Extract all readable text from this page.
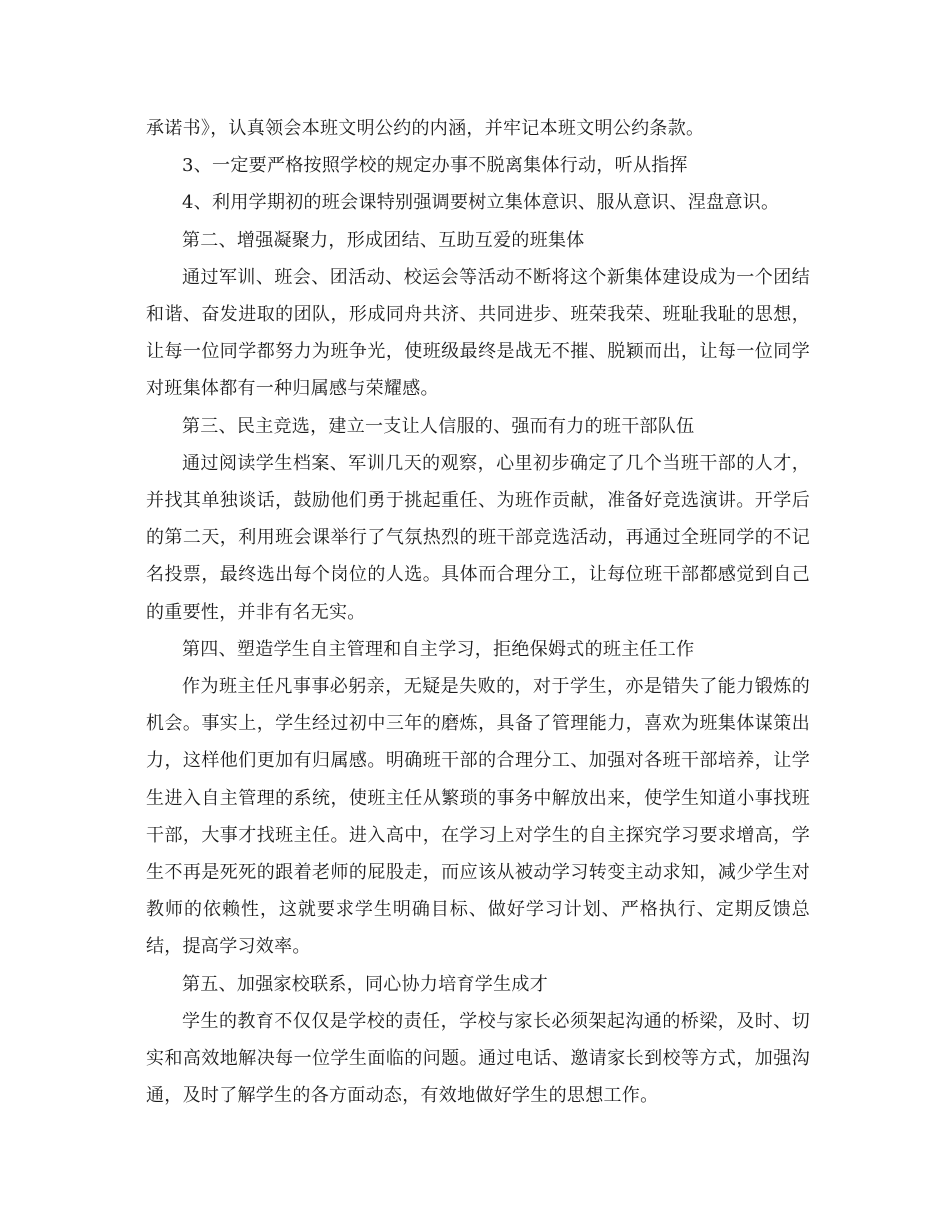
承诺书》，认真领会本班文明公约的内涵，并牢记本班文明公约条款。

3、一定要严格按照学校的规定办事不脱离集体行动，听从指挥

4、利用学期初的班会课特别强调要树立集体意识、服从意识、涅盘意识。

第二、增强凝聚力，形成团结、互助互爱的班集体

通过军训、班会、团活动、校运会等活动不断将这个新集体建设成为一个团结和谐、奋发进取的团队，形成同舟共济、共同进步、班荣我荣、班耻我耻的思想，让每一位同学都努力为班争光，使班级最终是战无不摧、脱颖而出，让每一位同学对班集体都有一种归属感与荣耀感。

第三、民主竞选，建立一支让人信服的、强而有力的班干部队伍

通过阅读学生档案、军训几天的观察，心里初步确定了几个当班干部的人才，并找其单独谈话，鼓励他们勇于挑起重任、为班作贡献，准备好竞选演讲。开学后的第二天，利用班会课举行了气氛热烈的班干部竞选活动，再通过全班同学的不记名投票，最终选出每个岗位的人选。具体而合理分工，让每位班干部都感觉到自己的重要性，并非有名无实。

第四、塑造学生自主管理和自主学习，拒绝保姆式的班主任工作

作为班主任凡事事必躬亲，无疑是失败的，对于学生，亦是错失了能力锻炼的机会。事实上，学生经过初中三年的磨炼，具备了管理能力，喜欢为班集体谋策出力，这样他们更加有归属感。明确班干部的合理分工、加强对各班干部培养，让学生进入自主管理的系统，使班主任从繁琐的事务中解放出来，使学生知道小事找班干部，大事才找班主任。进入高中，在学习上对学生的自主探究学习要求增高，学生不再是死死的跟着老师的屁股走，而应该从被动学习转变主动求知，减少学生对教师的依赖性，这就要求学生明确目标、做好学习计划、严格执行、定期反馈总结，提高学习效率。

第五、加强家校联系，同心协力培育学生成才

学生的教育不仅仅是学校的责任，学校与家长必须架起沟通的桥梁，及时、切实和高效地解决每一位学生面临的问题。通过电话、邀请家长到校等方式，加强沟通，及时了解学生的各方面动态，有效地做好学生的思想工作。
